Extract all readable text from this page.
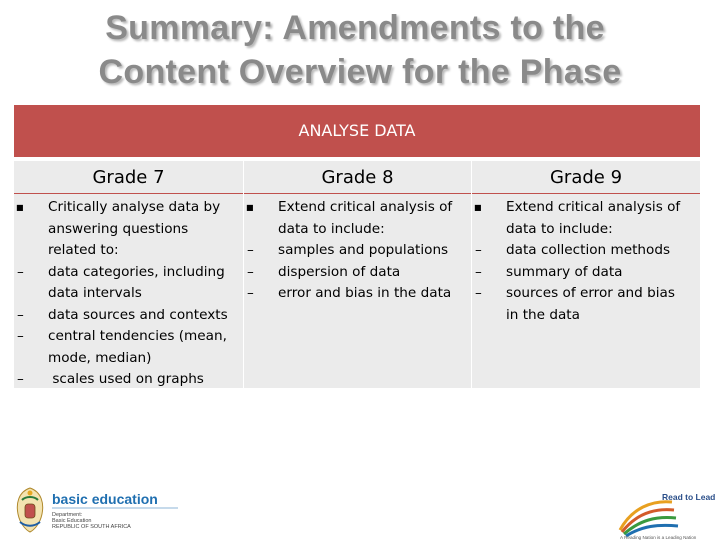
Summary: Amendments to the
Content Overview for the Phase
ANALYSE DATA
Grade 7
■ Critically analyse data by
answering questions
related to:
– data categories, including
data intervals
– data sources and contexts
– central tendencies (mean,
mode, median)
– scales used on graphs
Grade 8
■ Extend critical analysis of
data to include:
– samples and populations
– dispersion of data
– error and bias in the data
Grade 9
■ Extend critical analysis of
data to include:
– data collection methods
– summary of data
– sources of error and bias
in the data
basic education
Department:
Basic Education
REPUBLIC OF SOUTH AFRICA
Read to Lead
A Reading Nation is a Leading Nation
